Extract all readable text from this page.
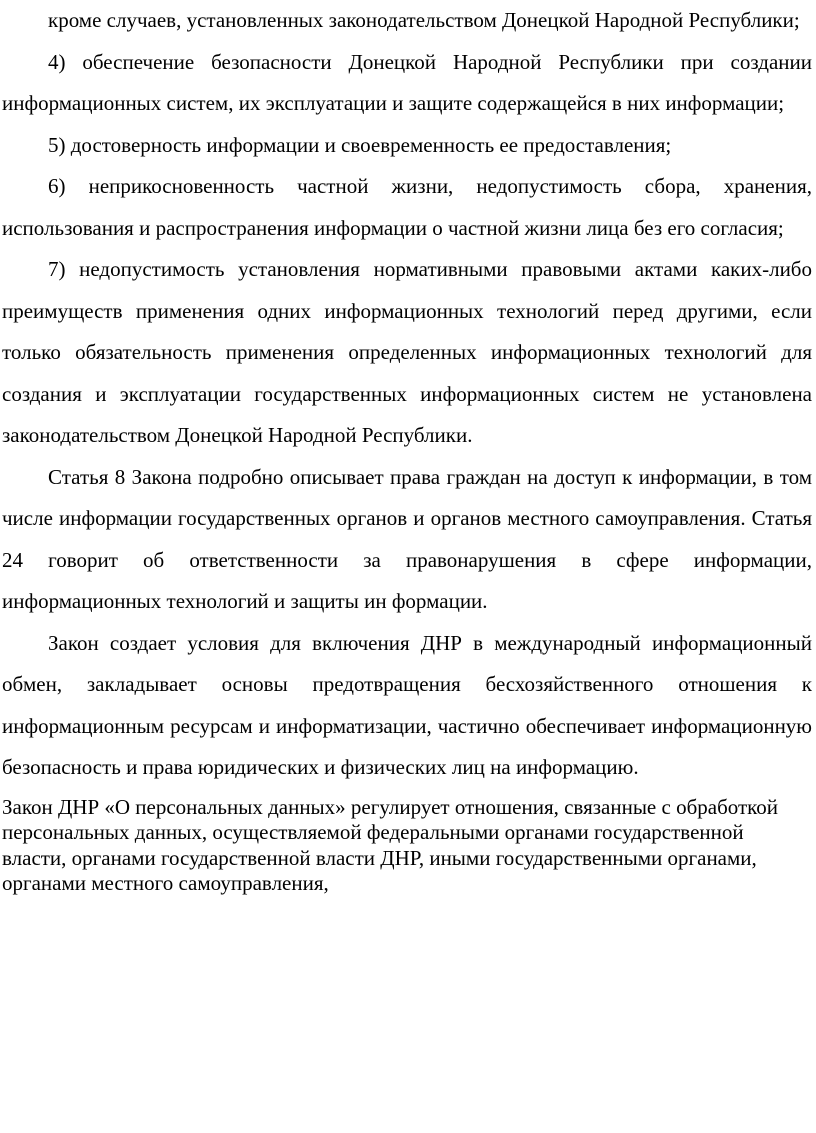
кроме случаев, установленных законодательством Донецкой Народной Республики;

4) обеспечение безопасности Донецкой Народной Республики при создании информационных систем, их эксплуатации и защите содержащейся в них информации;

5) достоверность информации и своевременность ее предоставления;

6) неприкосновенность частной жизни, недопустимость сбора, хранения, использования и распространения информации о частной жизни лица без его согласия;

7) недопустимость установления нормативными правовыми актами каких-либо преимуществ применения одних информационных технологий перед другими, если только обязательность применения определенных информационных технологий для создания и эксплуатации государственных информационных систем не установлена законодательством Донецкой Народной Республики.

Статья 8 Закона подробно описывает права граждан на доступ к информации, в том числе информации государственных органов и органов местного самоуправления. Статья 24 говорит об ответственности за правонарушения в сфере информации, информационных технологий и защиты ин формации.

Закон создает условия для включения ДНР в международный информационный обмен, закладывает основы предотвращения бесхозяйственного отношения к информационным ресурсам и информатизации, частично обеспечивает информационную безопасность и права юридических и физических лиц на информацию.

Закон ДНР «О персональных данных» регулирует отношения, связанные с обработкой персональных данных, осуществляемой федеральными органами государственной власти, органами государственной власти ДНР, иными государственными органами, органами местного самоуправления,
